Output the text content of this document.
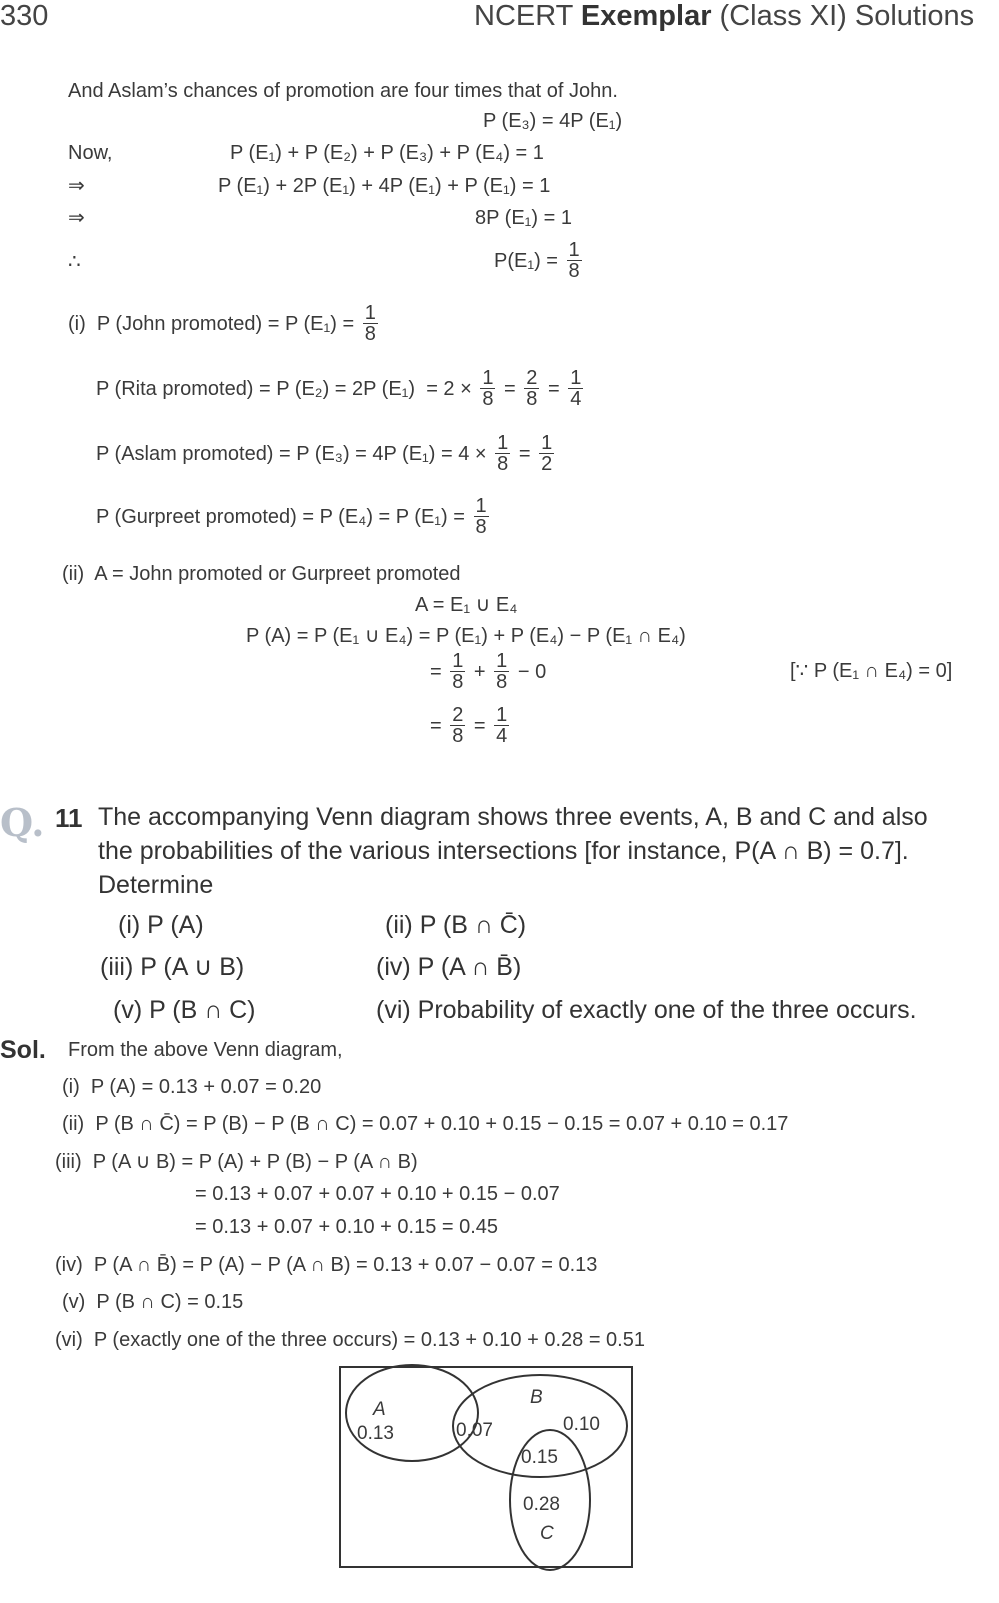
330	NCERT Exemplar (Class XI) Solutions
Q. 11
Sol.
And Aslam’s chances of promotion are four times that of John.
P (E₃) = 4P (E₁)
Now,	P (E₁) + P (E₂) + P (E₃) + P (E₄) = 1
⇒	P (E₁) + 2P (E₁) + 4P (E₁) + P (E₁) = 1
⇒	8P (E₁) = 1
∴	$P(E_1) = \frac{1}{8}$
(i)  P (John promoted) = P $(E_1) = \frac{1}{8}$
P (Rita promoted) = P (E₂) = 2P $(E_1) = 2 \times \frac{1}{8} = \frac{2}{8} = \frac{1}{4}$
P (Aslam promoted) = P (E₃) = 4P $(E_1) = 4 \times \frac{1}{8} = \frac{1}{2}$
P (Gurpreet promoted) = P (E₄) = P $(E_1) = \frac{1}{8}$
(ii)  A = John promoted or Gurpreet promoted
A = E₁ ∪ E₄
P (A) = P (E₁ ∪ E₄) = P (E₁) + P (E₄) − P (E₁ ∩ E₄)
= $\frac{1}{8} + \frac{1}{8} - 0$	[∵ P (E₁ ∩ E₄) = 0]
= $\frac{2}{8} = \frac{1}{4}$
The accompanying Venn diagram shows three events, A, B and C and also
the probabilities of the various intersections [for instance, P(A ∩ B) = 0.7].
Determine
(i) P (A)	(ii) P (B ∩ C̄)
(iii) P (A ∪ B)	(iv) P (A ∩ B̄)
(v) P (B ∩ C)	(vi) Probability of exactly one of the three occurs.
From the above Venn diagram,
(i)  P (A) = 0.13 + 0.07 = 0.20
(ii)  P (B ∩ C̄) = P (B) − P (B ∩ C) = 0.07 + 0.10 + 0.15 − 0.15 = 0.07 + 0.10 = 0.17
(iii)  P (A ∪ B) = P (A) + P (B) − P (A ∩ B)
= 0.13 + 0.07 + 0.07 + 0.10 + 0.15 − 0.07
= 0.13 + 0.07 + 0.10 + 0.15 = 0.45
(iv)  P (A ∩ B̄) = P (A) − P (A ∩ B) = 0.13 + 0.07 − 0.07 = 0.13
(v)  P (B ∩ C) = 0.15
(vi)  P (exactly one of the three occurs) = 0.13 + 0.10 + 0.28 = 0.51
A
0.13	0.07
B
0.10
0.15
0.28
C
